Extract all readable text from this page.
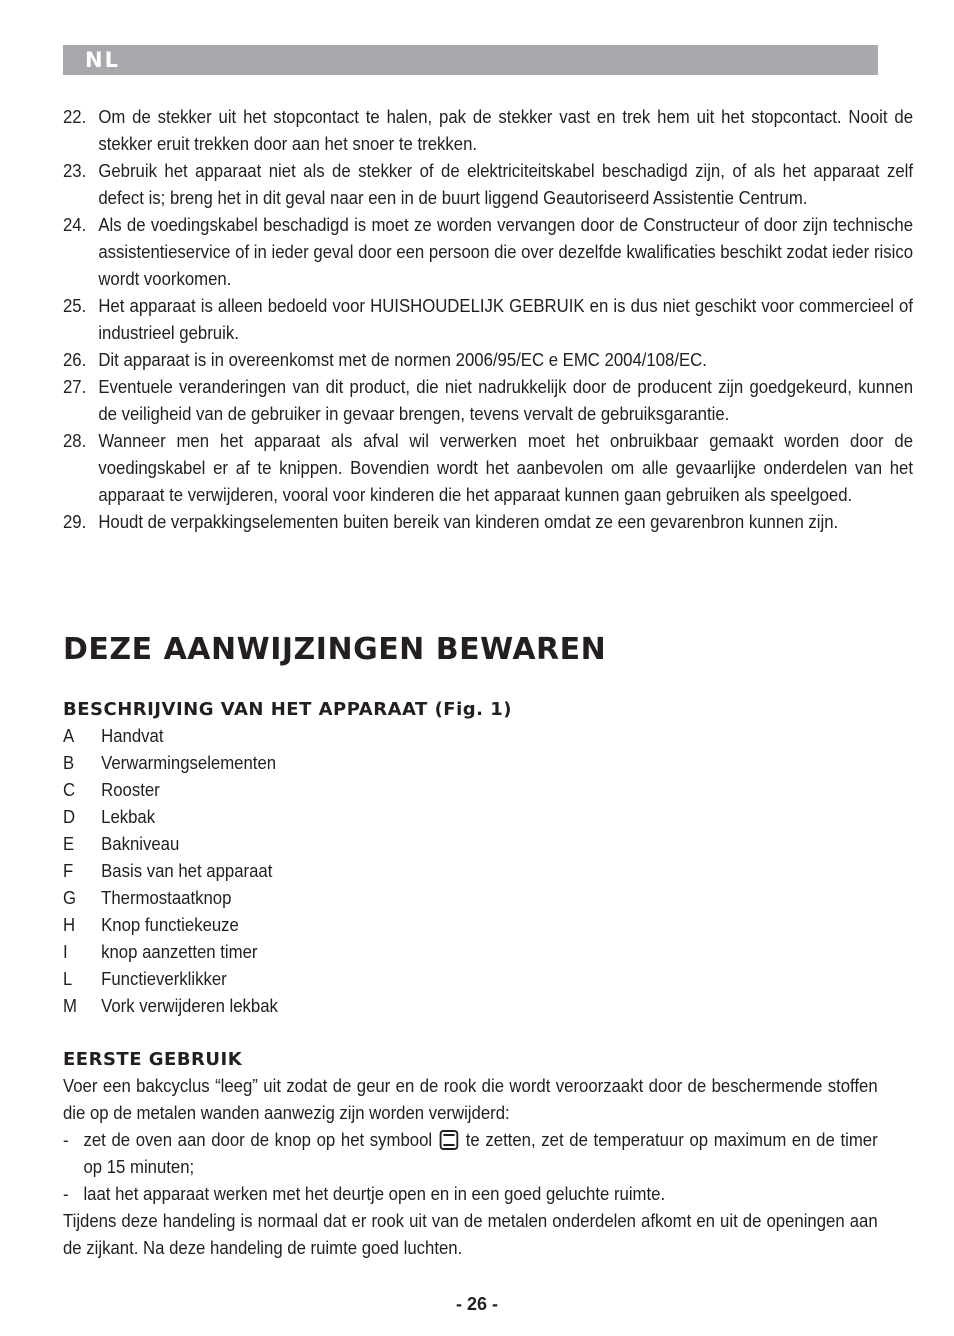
NL
22. Om de stekker uit het stopcontact te halen, pak de stekker vast en trek hem uit het stopcontact. Nooit de stekker eruit trekken door aan het snoer te trekken.
23. Gebruik het apparaat niet als de stekker of de elektriciteitskabel beschadigd zijn, of als het apparaat zelf defect is; breng het in dit geval naar een in de buurt liggend Geautoriseerd Assistentie Centrum.
24. Als de voedingskabel beschadigd is moet ze worden vervangen door de Constructeur of door zijn technische assistentieservice of in ieder geval door een persoon die over dezelfde kwalificaties beschikt zodat ieder risico wordt voorkomen.
25. Het apparaat is alleen bedoeld voor HUISHOUDELIJK GEBRUIK en is dus niet geschikt voor commercieel of industrieel gebruik.
26. Dit apparaat is in overeenkomst met de normen 2006/95/EC e EMC 2004/108/EC.
27. Eventuele veranderingen van dit product, die niet nadrukkelijk door de producent zijn goedgekeurd, kunnen de veiligheid van de gebruiker in gevaar brengen, tevens vervalt de gebruiksgarantie.
28. Wanneer men het apparaat als afval wil verwerken moet het onbruikbaar gemaakt worden door de voedingskabel er af te knippen. Bovendien wordt het aanbevolen om alle gevaarlijke onderdelen van het apparaat te verwijderen, vooral voor kinderen die het apparaat kunnen gaan gebruiken als speelgoed.
29. Houdt de verpakkingselementen buiten bereik van kinderen omdat ze een gevarenbron kunnen zijn.
DEZE AANWIJZINGEN BEWAREN
BESCHRIJVING VAN HET APPARAAT (Fig. 1)
A Handvat
B Verwarmingselementen
C Rooster
D Lekbak
E Bakniveau
F Basis van het apparaat
G Thermostaatknop
H Knop functiekeuze
I knop aanzetten timer
L Functieverklikker
M Vork verwijderen lekbak
EERSTE GEBRUIK
Voer een bakcyclus “leeg” uit zodat de geur en de rook die wordt veroorzaakt door de beschermende stoffen die op de metalen wanden aanwezig zijn worden verwijderd:
- zet de oven aan door de knop op het symbool te zetten, zet de temperatuur op maximum en de timer op 15 minuten;
- laat het apparaat werken met het deurtje open en in een goed geluchte ruimte.
Tijdens deze handeling is normaal dat er rook uit van de metalen onderdelen afkomt en uit de openingen aan de zijkant. Na deze handeling de ruimte goed luchten.
- 26 -
